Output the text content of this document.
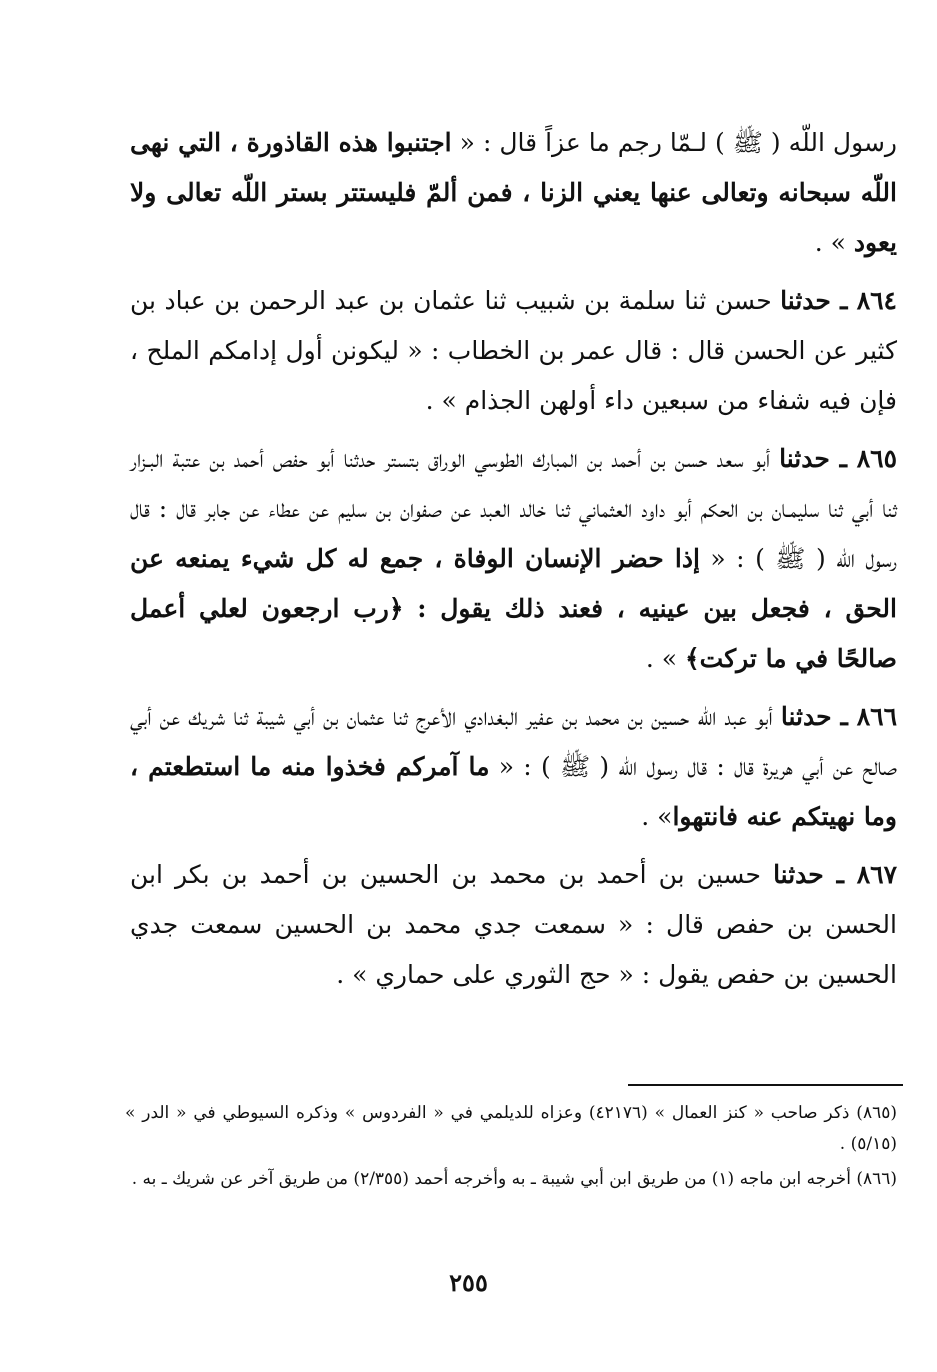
رسول اللّه ( ﷺ ) لـمّا رجم ما عزاً قال : « اجتنبوا هذه القاذورة ، التي نهى اللّه سبحانه وتعالى عنها يعني الزنا ، فمن ألمّ فليستتر بستر اللّه تعالى ولا يعود » .

٨٦٤ ـ حدثنا حسن ثنا سلمة بن شبيب ثنا عثمان بن عبد الرحمن بن عباد بن كثير عن الحسن قال : قال عمر بن الخطاب : « ليكونن أول إدامكم الملح ، فإن فيه شفاء من سبعين داء أولهن الجذام » .

٨٦٥ ـ حدثنا أبو سعد حسن بن أحمد بن المبارك الطوسي الوراق بتستر حدثنا أبو حفص أحمد بن عتبة البـزار ثنا أبي ثنا سليمـان بن الحكم أبو داود العثماني ثنا خالد العبد عن صفوان بن سليم عن عطاء عن جابر قال : قال رسول اللّه ( ﷺ ) : « إذا حضر الإنسان الوفاة ، جمع له كل شيء يمنعه عن الحق ، فجعل بين عينيه ، فعند ذلك يقول : ﴿رب ارجعون لعلي أعمل صالحًا في ما تركت﴾ » .

٨٦٦ ـ حدثنا أبو عبد اللّه حسين بن محمد بن عفير البغدادي الأعرج ثنا عثمان بن أبي شيبة ثنا شريك عن أبي صالح عن أبي هريرة قال : قال رسول اللّه ( ﷺ ) : « ما آمركم فخذوا منه ما استطعتم ، وما نهيتكم عنه فانتهوا» .

٨٦٧ ـ حدثنا حسين بن أحمد بن محمد بن الحسين بن أحمد بن بكر ابن الحسن بن حفص قال : « سمعت جدي محمد بن الحسين سمعت جدي الحسين بن حفص يقول : « حج الثوري على حماري » .

(٨٦٥) ذكر صاحب « كنز العمال » (٤٢١٧٦) وعزاه للديلمي في « الفردوس » وذكره السيوطي في « الدر » (٥/١٥) .

(٨٦٦) أخرجه ابن ماجه (١) من طريق ابن أبي شيبة ـ به وأخرجه أحمد (٢/٣٥٥) من طريق آخر عن شريك ـ به .

٢٥٥
